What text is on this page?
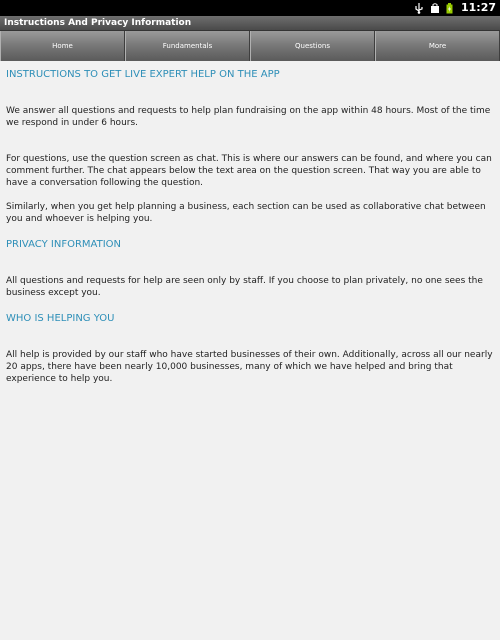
11:27
Instructions And Privacy Information
Home	Fundamentals	Questions	More
INSTRUCTIONS TO GET LIVE EXPERT HELP ON THE APP

We answer all questions and requests to help plan fundraising on the app within 48 hours. Most of the time we respond in under 6 hours.

For questions, use the question screen as chat. This is where our answers can be found, and where you can comment further. The chat appears below the text area on the question screen. That way you are able to have a conversation following the question.

Similarly, when you get help planning a business, each section can be used as collaborative chat between you and whoever is helping you.

PRIVACY INFORMATION

All questions and requests for help are seen only by staff. If you choose to plan privately, no one sees the business except you.

WHO IS HELPING YOU

All help is provided by our staff who have started businesses of their own. Additionally, across all our nearly 20 apps, there have been nearly 10,000 businesses, many of which we have helped and bring that experience to help you.
